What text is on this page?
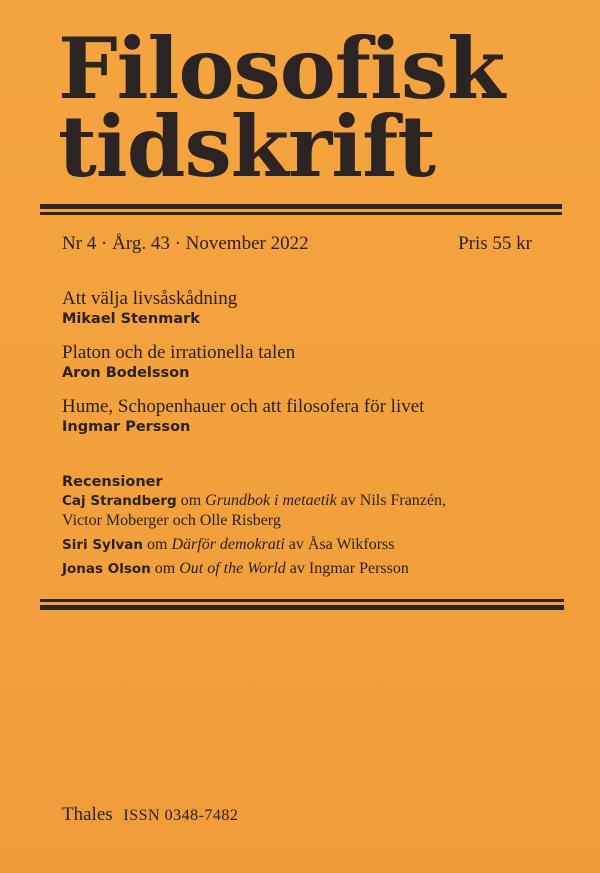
Filosofisk
tidskrift
Nr 4 · Årg. 43 · November 2022	Pris 55 kr
Att välja livsåskådning
Mikael Stenmark
Platon och de irrationella talen
Aron Bodelsson
Hume, Schopenhauer och att filosofera för livet
Ingmar Persson
Recensioner
Caj Strandberg om Grundbok i metaetik av Nils Franzén,
Victor Moberger och Olle Risberg
Siri Sylvan om Därför demokrati av Åsa Wikforss
Jonas Olson om Out of the World av Ingmar Persson
Thales ISSN 0348-7482
